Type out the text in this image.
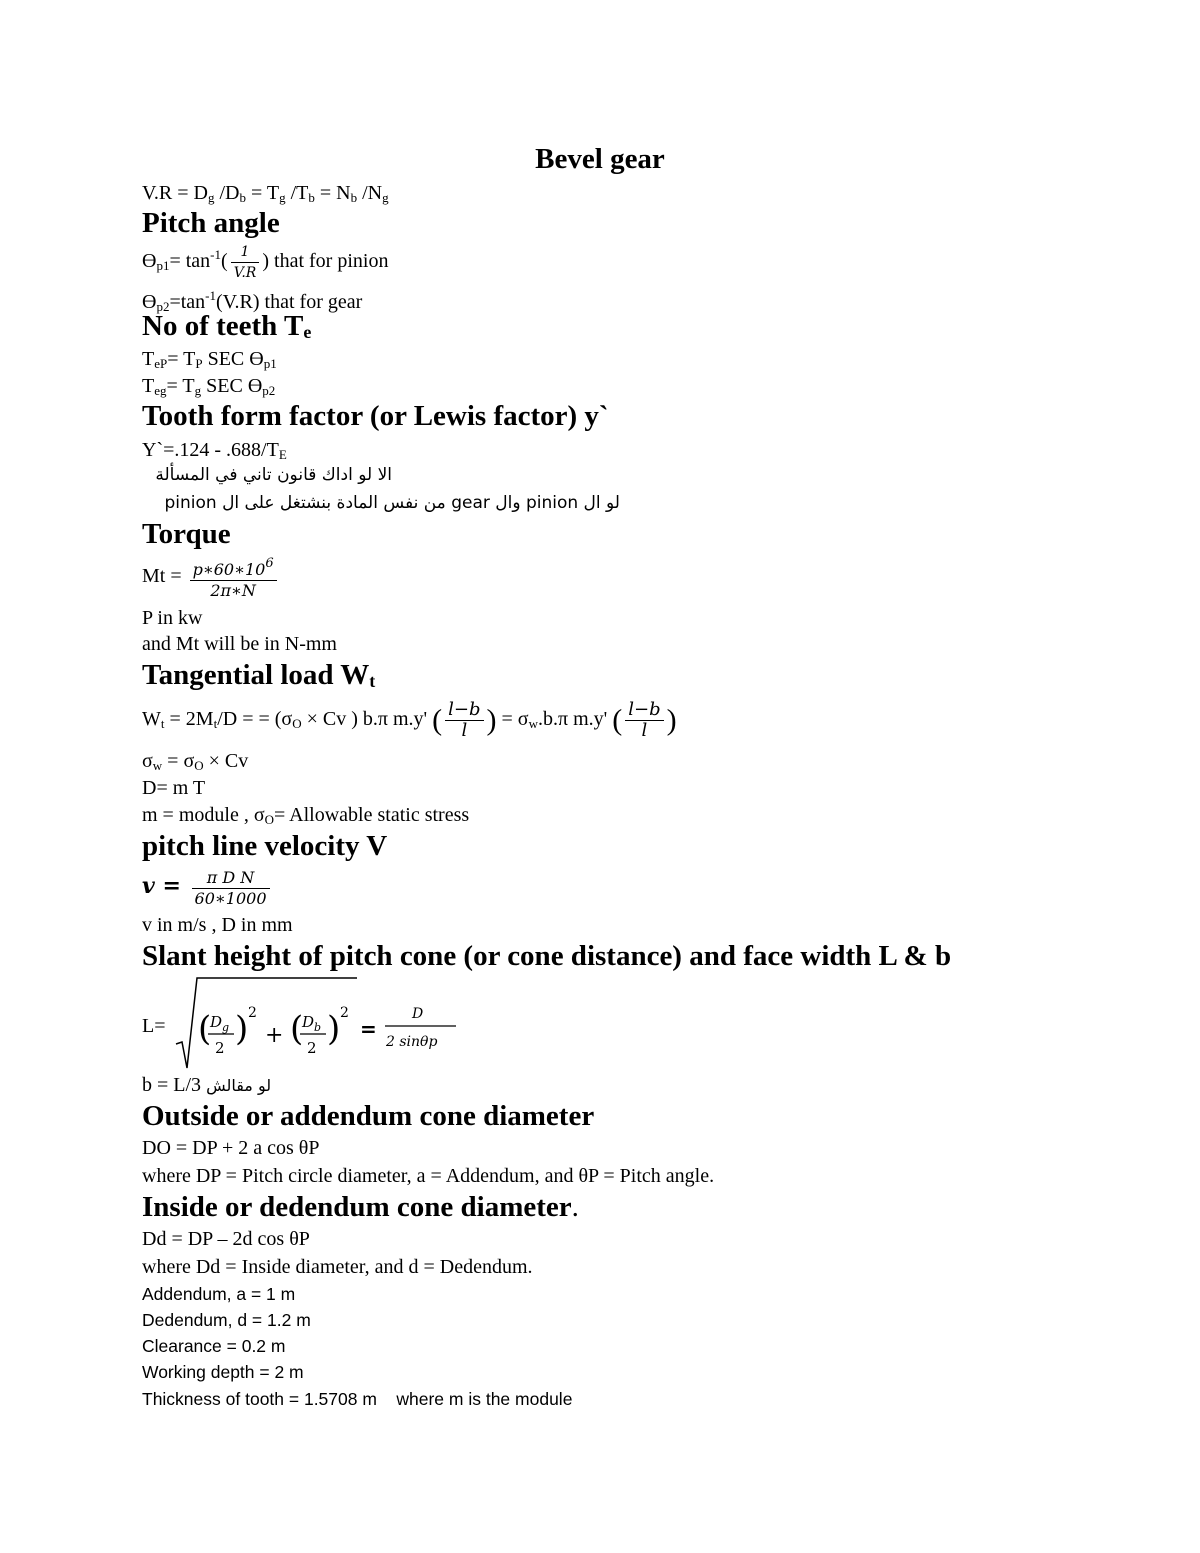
Bevel gear
$V.R = D_g$ $/D_b = T_g$ $/T_b = N_b$ $/N_g$
Pitch angle
$ϴ_{p1}= \tan^{-1}( \frac{1}{V.R}$ ) that for pinion
$ϴ_{p2}=\tan^{-1}(V.R)$ that for gear
No of teeth $T_e$
$T_{eP}= T_P$ SEC $ϴ_{p1}$
$T_{eg}= T_g$ SEC $ϴ_{p2}$
Tooth form factor (or Lewis factor) y`
Y`=.124 - $.688/T_E$
الا لو اداك قانون تاني في المسألة
لو ال pinion وال gear من نفس المادة بنشتغل على ال pinion
Torque
$Mt = \frac{p∗60∗10^6}{2\pi∗N}$
P in kw
and Mt will be in N-mm
Tangential load $W_t$
$W_t = 2M_t/D$ = = ($\sigma_O \times Cv$ ) b.π m.y' ( $\frac{l-b}{l}$ ) = $\sigma_w.b.\pi$ m.y' ( $\frac{l-b}{l}$ )
$\sigma_w = \sigma_O \times Cv$
D= m T
m = module , $\sigma_O=$ Allowable static stress
pitch line velocity V
$v = \frac{\text{π D N}}{60∗1000}$
v in m/s , D in mm
Slant height of pitch cone (or cone distance) and face width L & b
L= (
D g
2 ) 2
+ (
D b
2 ) 2
=
D
2 sinθp
b = L/3 لو مقالش
Outside or addendum cone diameter
DO = DP + 2 a cos θP
where DP = Pitch circle diameter, a = Addendum, and θP = Pitch angle.
Inside or dedendum cone diameter.
Dd = DP – 2d cos θP
where Dd = Inside diameter, and d = Dedendum.
Addendum, a = 1 m
Dedendum, d = 1.2 m
Clearance = 0.2 m
Working depth = 2 m
Thickness of tooth = 1.5708 m    where m is the module
